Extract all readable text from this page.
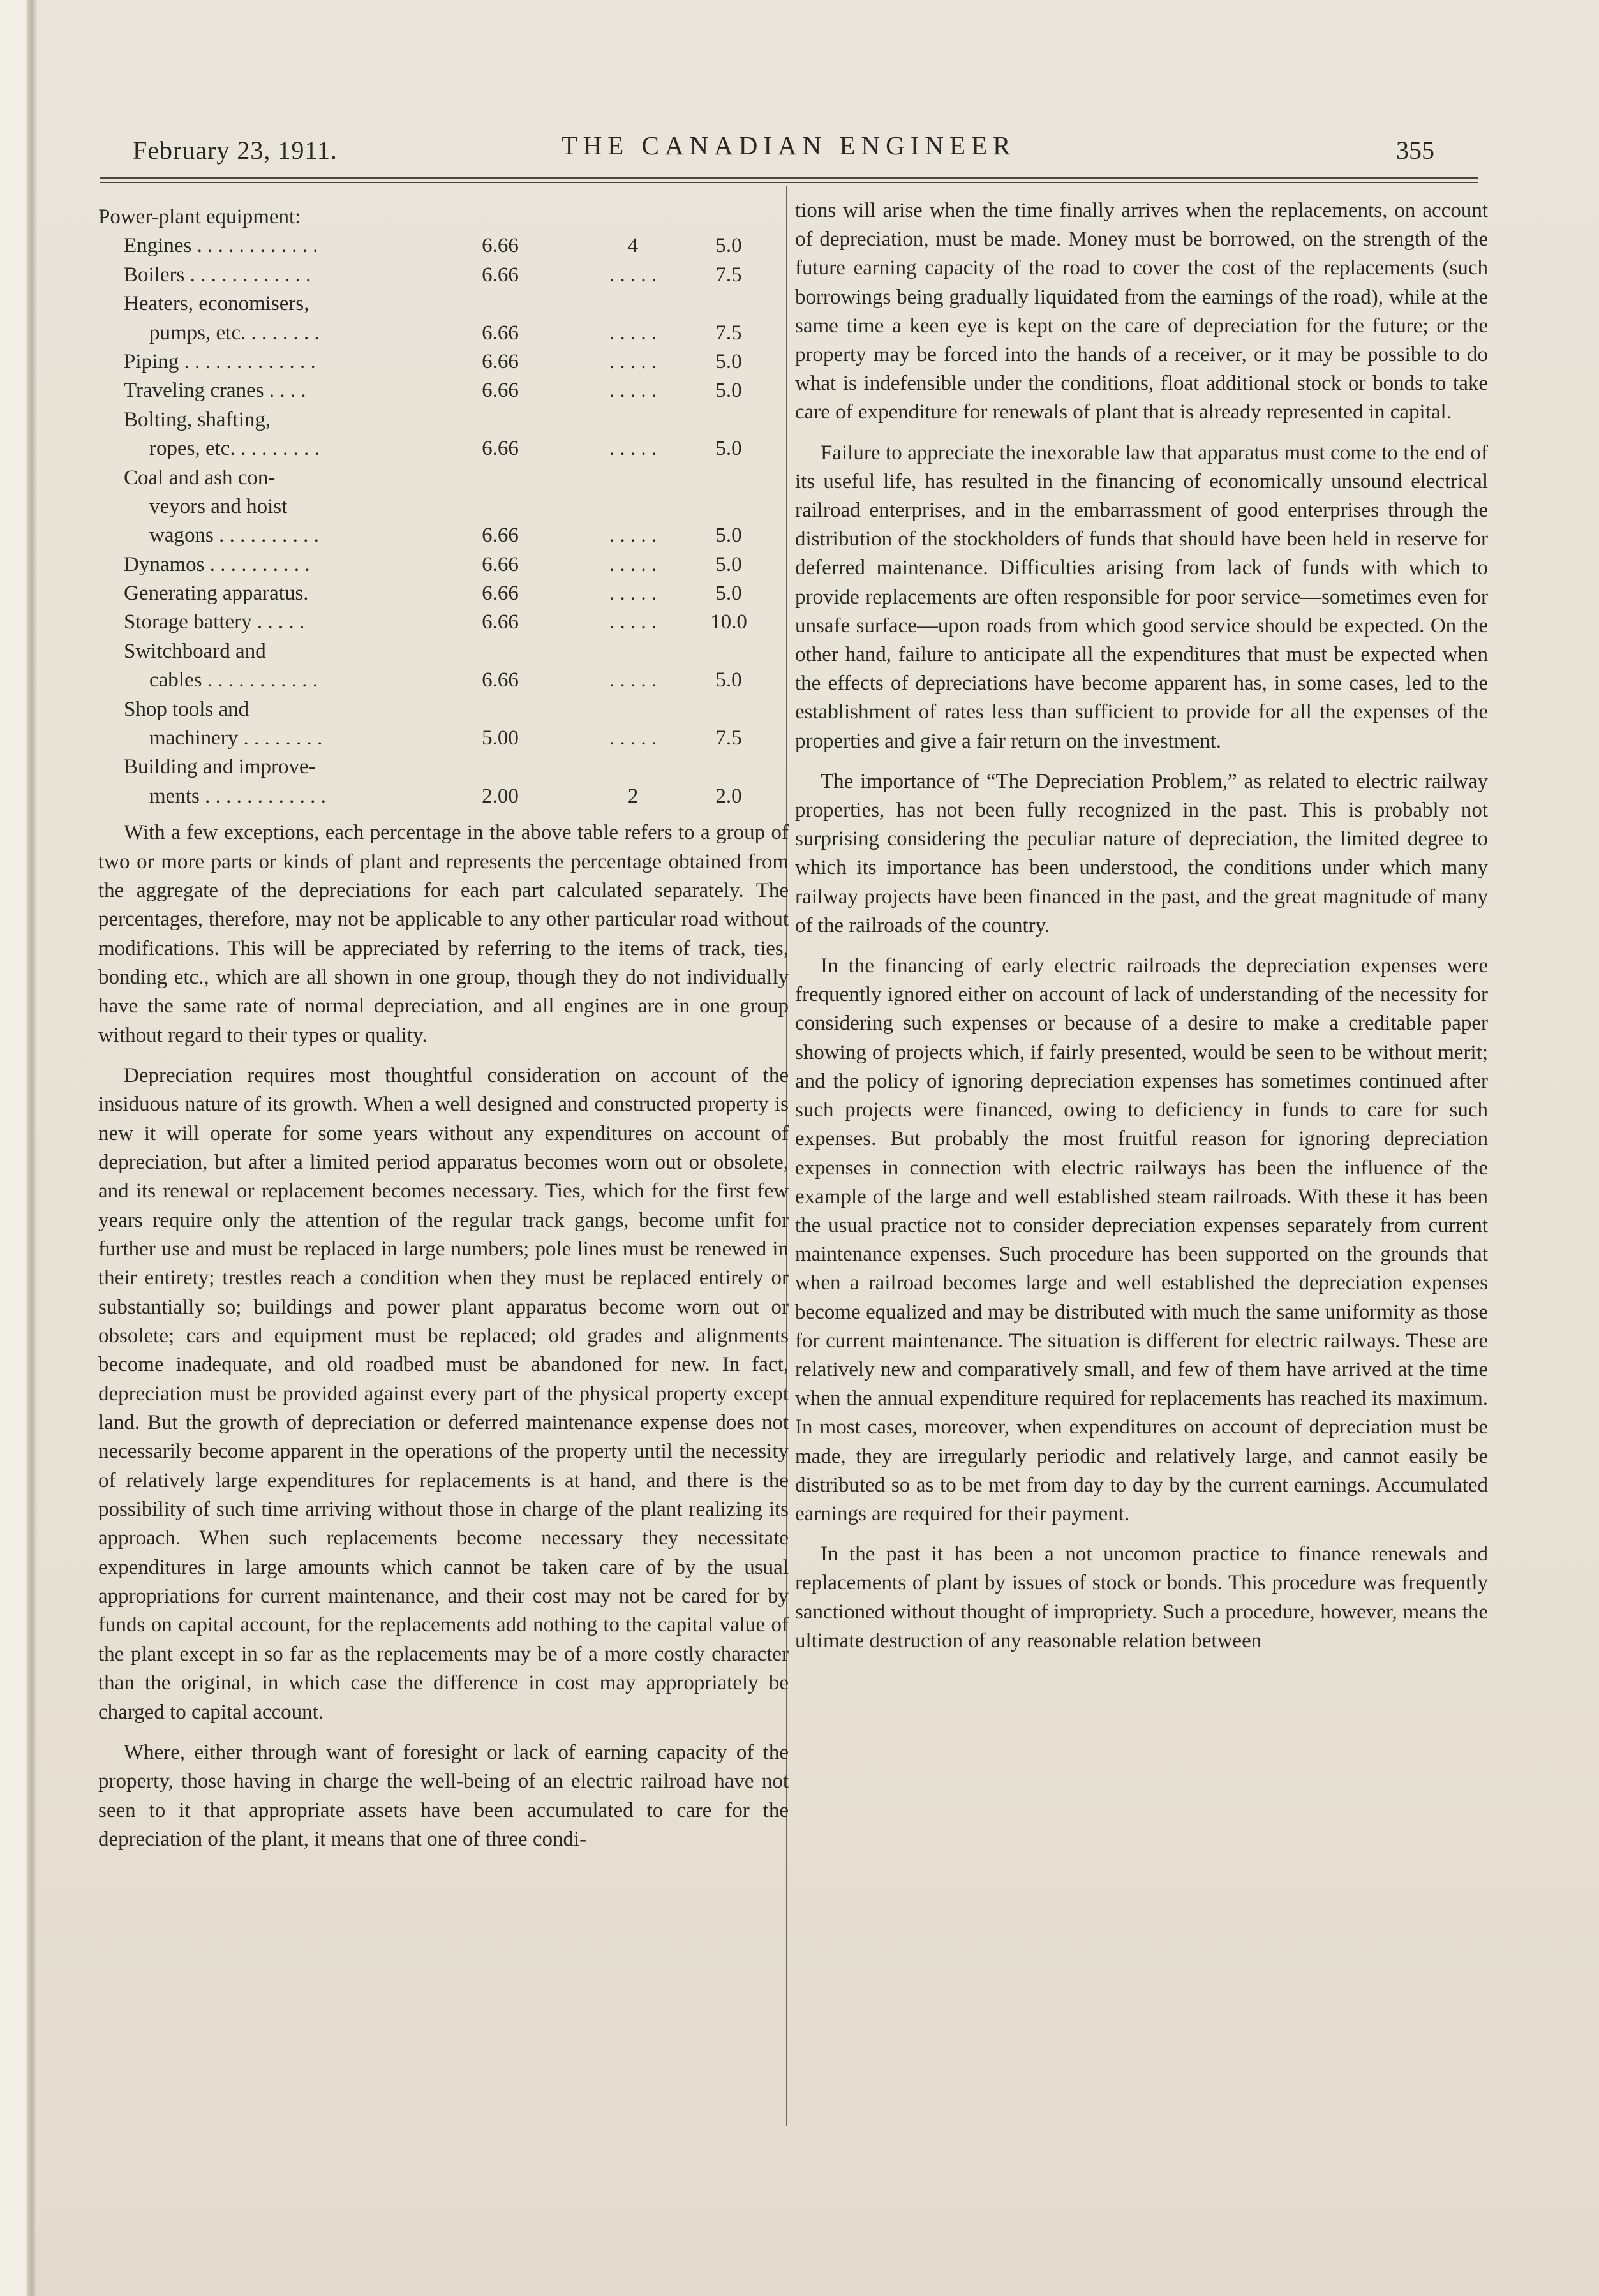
February 23, 1911.	THE CANADIAN ENGINEER	355
Power-plant equipment:
Engines . . . . . . . . . . . .	6.66	4	5.0
Boilers . . . . . . . . . . . .	6.66	. . . . .	7.5
Heaters, economisers,
pumps, etc. . . . . . . .	6.66	. . . . .	7.5
Piping . . . . . . . . . . . . .	6.66	. . . . .	5.0
Traveling cranes . . . .	6.66	. . . . .	5.0
Bolting, shafting,
ropes, etc. . . . . . . . .	6.66	. . . . .	5.0
Coal and ash con-
veyors and hoist
wagons . . . . . . . . . .	6.66	. . . . .	5.0
Dynamos . . . . . . . . . .	6.66	. . . . .	5.0
Generating apparatus.	6.66	. . . . .	5.0
Storage battery . . . . .	6.66	. . . . .	10.0
Switchboard and
cables . . . . . . . . . . .	6.66	. . . . .	5.0
Shop tools and
machinery . . . . . . . .	5.00	. . . . .	7.5
Building and improve-
ments . . . . . . . . . . . .	2.00	2	2.0

With a few exceptions, each percentage in the above table refers to a group of two or more parts or kinds of plant and represents the percentage obtained from the aggregate of the depreciations for each part calculated separately. The percentages, therefore, may not be applicable to any other particular road without modifications. This will be appreciated by referring to the items of track, ties, bonding etc., which are all shown in one group, though they do not individually have the same rate of normal depreciation, and all engines are in one group without regard to their types or quality.

Depreciation requires most thoughtful consideration on account of the insiduous nature of its growth. When a well designed and constructed property is new it will operate for some years without any expenditures on account of depreciation, but after a limited period apparatus becomes worn out or obsolete, and its renewal or replacement becomes necessary. Ties, which for the first few years require only the attention of the regular track gangs, become unfit for further use and must be replaced in large numbers; pole lines must be renewed in their entirety; trestles reach a condition when they must be replaced entirely or substantially so; buildings and power plant apparatus become worn out or obsolete; cars and equipment must be replaced; old grades and alignments become inadequate, and old roadbed must be abandoned for new. In fact, depreciation must be provided against every part of the physical property except land. But the growth of depreciation or deferred maintenance expense does not necessarily become apparent in the operations of the property until the necessity of relatively large expenditures for replacements is at hand, and there is the possibility of such time arriving without those in charge of the plant realizing its approach. When such replacements become necessary they necessitate expenditures in large amounts which cannot be taken care of by the usual appropriations for current maintenance, and their cost may not be cared for by funds on capital account, for the replacements add nothing to the capital value of the plant except in so far as the replacements may be of a more costly character than the original, in which case the difference in cost may appropriately be charged to capital account.

Where, either through want of foresight or lack of earning capacity of the property, those having in charge the well-being of an electric railroad have not seen to it that appropriate assets have been accumulated to care for the depreciation of the plant, it means that one of three condi-

tions will arise when the time finally arrives when the replacements, on account of depreciation, must be made. Money must be borrowed, on the strength of the future earning capacity of the road to cover the cost of the replacements (such borrowings being gradually liquidated from the earnings of the road), while at the same time a keen eye is kept on the care of depreciation for the future; or the property may be forced into the hands of a receiver, or it may be possible to do what is indefensible under the conditions, float additional stock or bonds to take care of expenditure for renewals of plant that is already represented in capital.

Failure to appreciate the inexorable law that apparatus must come to the end of its useful life, has resulted in the financing of economically unsound electrical railroad enterprises, and in the embarrassment of good enterprises through the distribution of the stockholders of funds that should have been held in reserve for deferred maintenance. Difficulties arising from lack of funds with which to provide replacements are often responsible for poor service—sometimes even for unsafe surface—upon roads from which good service should be expected. On the other hand, failure to anticipate all the expenditures that must be expected when the effects of depreciations have become apparent has, in some cases, led to the establishment of rates less than sufficient to provide for all the expenses of the properties and give a fair return on the investment.

The importance of “The Depreciation Problem,” as related to electric railway properties, has not been fully recognized in the past. This is probably not surprising considering the peculiar nature of depreciation, the limited degree to which its importance has been understood, the conditions under which many railway projects have been financed in the past, and the great magnitude of many of the railroads of the country.

In the financing of early electric railroads the depreciation expenses were frequently ignored either on account of lack of understanding of the necessity for considering such expenses or because of a desire to make a creditable paper showing of projects which, if fairly presented, would be seen to be without merit; and the policy of ignoring depreciation expenses has sometimes continued after such projects were financed, owing to deficiency in funds to care for such expenses. But probably the most fruitful reason for ignoring depreciation expenses in connection with electric railways has been the influence of the example of the large and well established steam railroads. With these it has been the usual practice not to consider depreciation expenses separately from current maintenance expenses. Such procedure has been supported on the grounds that when a railroad becomes large and well established the depreciation expenses become equalized and may be distributed with much the same uniformity as those for current maintenance. The situation is different for electric railways. These are relatively new and comparatively small, and few of them have arrived at the time when the annual expenditure required for replacements has reached its maximum. In most cases, moreover, when expenditures on account of depreciation must be made, they are irregularly periodic and relatively large, and cannot easily be distributed so as to be met from day to day by the current earnings. Accumulated earnings are required for their payment.

In the past it has been a not uncomon practice to finance renewals and replacements of plant by issues of stock or bonds. This procedure was frequently sanctioned without thought of impropriety. Such a procedure, however, means the ultimate destruction of any reasonable relation between
